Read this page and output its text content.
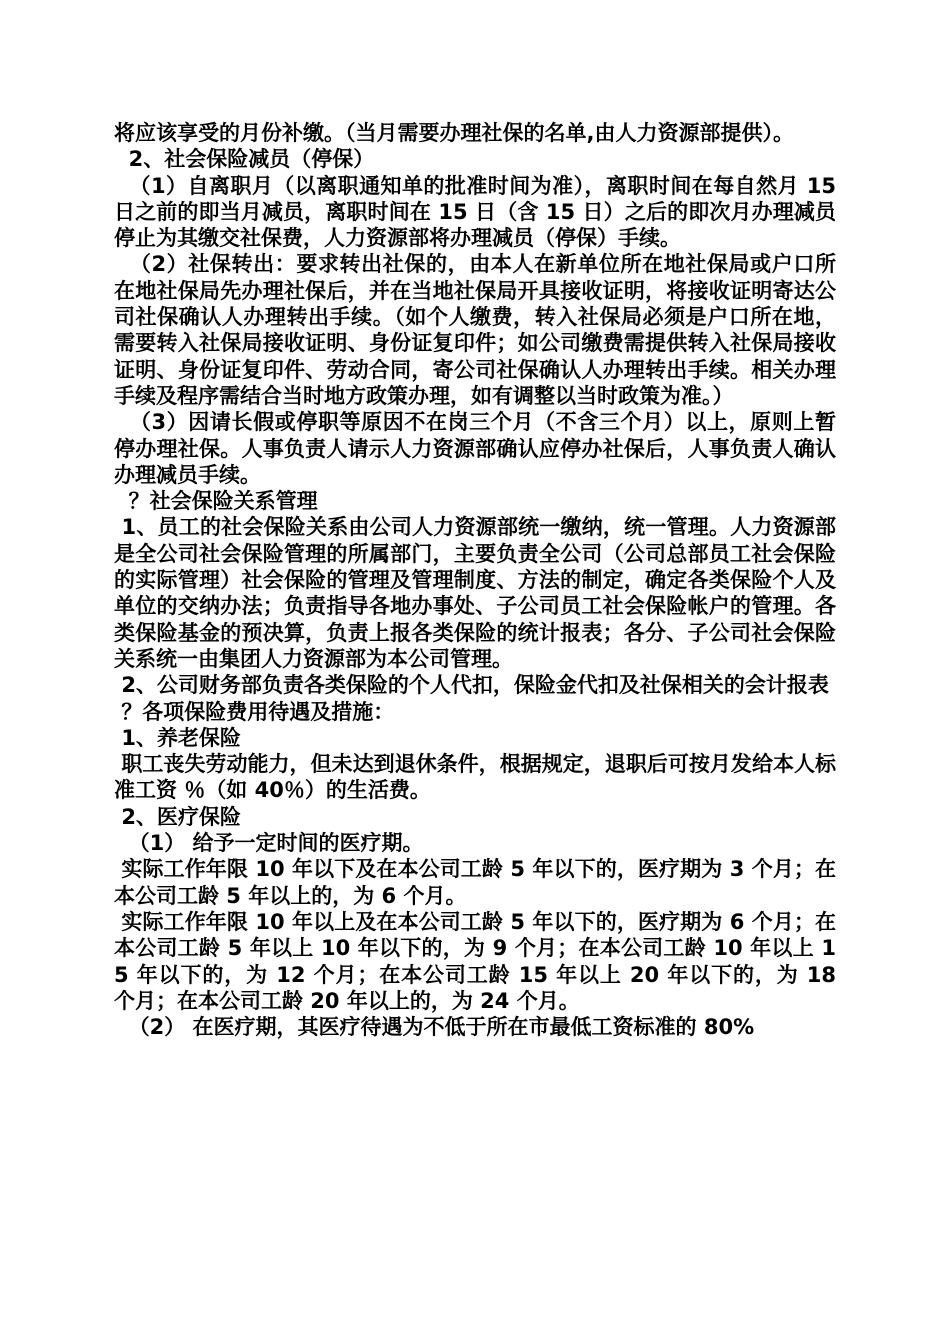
将应该享受的月份补缴。（当月需要办理社保的名单,由人力资源部提供）。

2、社会保险减员（停保）

（1）自离职月（以离职通知单的批准时间为准），离职时间在每自然月 15 日之前的即当月减员，离职时间在 15 日（含 15 日）之后的即次月办理减员停止为其缴交社保费，人力资源部将办理减员（停保）手续。

（2）社保转出：要求转出社保的，由本人在新单位所在地社保局或户口所在地社保局先办理社保后，并在当地社保局开具接收证明，将接收证明寄达公司社保确认人办理转出手续。（如个人缴费，转入社保局必须是户口所在地，需要转入社保局接收证明、身份证复印件；如公司缴费需提供转入社保局接收证明、身份证复印件、劳动合同，寄公司社保确认人办理转出手续。相关办理手续及程序需结合当时地方政策办理，如有调整以当时政策为准。）

（3）因请长假或停职等原因不在岗三个月（不含三个月）以上，原则上暂停办理社保。人事负责人请示人力资源部确认应停办社保后，人事负责人确认办理减员手续。

？社会保险关系管理

1、员工的社会保险关系由公司人力资源部统一缴纳，统一管理。人力资源部是全公司社会保险管理的所属部门，主要负责全公司（公司总部员工社会保险的实际管理）社会保险的管理及管理制度、方法的制定，确定各类保险个人及单位的交纳办法；负责指导各地办事处、子公司员工社会保险帐户的管理。各类保险基金的预决算，负责上报各类保险的统计报表；各分、子公司社会保险关系统一由集团人力资源部为本公司管理。

2、公司财务部负责各类保险的个人代扣，保险金代扣及社保相关的会计报表

？各项保险费用待遇及措施：

1、养老保险

职工丧失劳动能力，但未达到退休条件，根据规定，退职后可按月发给本人标准工资 ％（如 40％）的生活费。

2、医疗保险

（1） 给予一定时间的医疗期。

实际工作年限 10 年以下及在本公司工龄 5 年以下的，医疗期为 3 个月；在本公司工龄 5 年以上的，为 6 个月。

实际工作年限 10 年以上及在本公司工龄 5 年以下的，医疗期为 6 个月；在本公司工龄 5 年以上 10 年以下的，为 9 个月；在本公司工龄 10 年以上 15 年以下的，为 12 个月；在本公司工龄 15 年以上 20 年以下的，为 18 个月；在本公司工龄 20 年以上的，为 24 个月。

（2） 在医疗期，其医疗待遇为不低于所在市最低工资标准的 80%
